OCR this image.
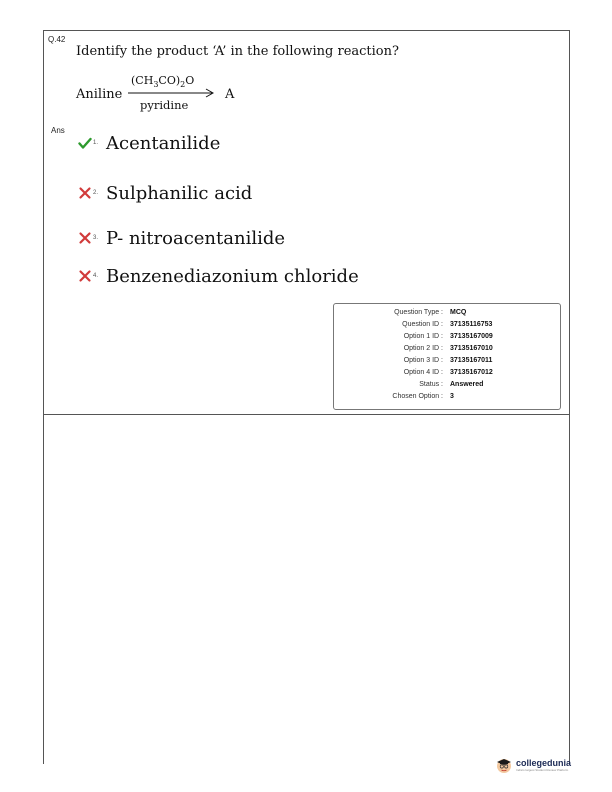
Q.42
Identify the product ‘A’ in the following reaction?
Aniline
$(CH_3CO)_2O$
pyridine
A
Ans
1. Acentanilide
2. Sulphanilic acid
3. P- nitroacentanilide
4. Benzenediazonium chloride
Question Type : MCQ
Question ID : 37135116753
Option 1 ID : 37135167009
Option 2 ID : 37135167010
Option 3 ID : 37135167011
Option 4 ID : 37135167012
Status : Answered
Chosen Option : 3
collegedunia
India's largest Student Review Platform
